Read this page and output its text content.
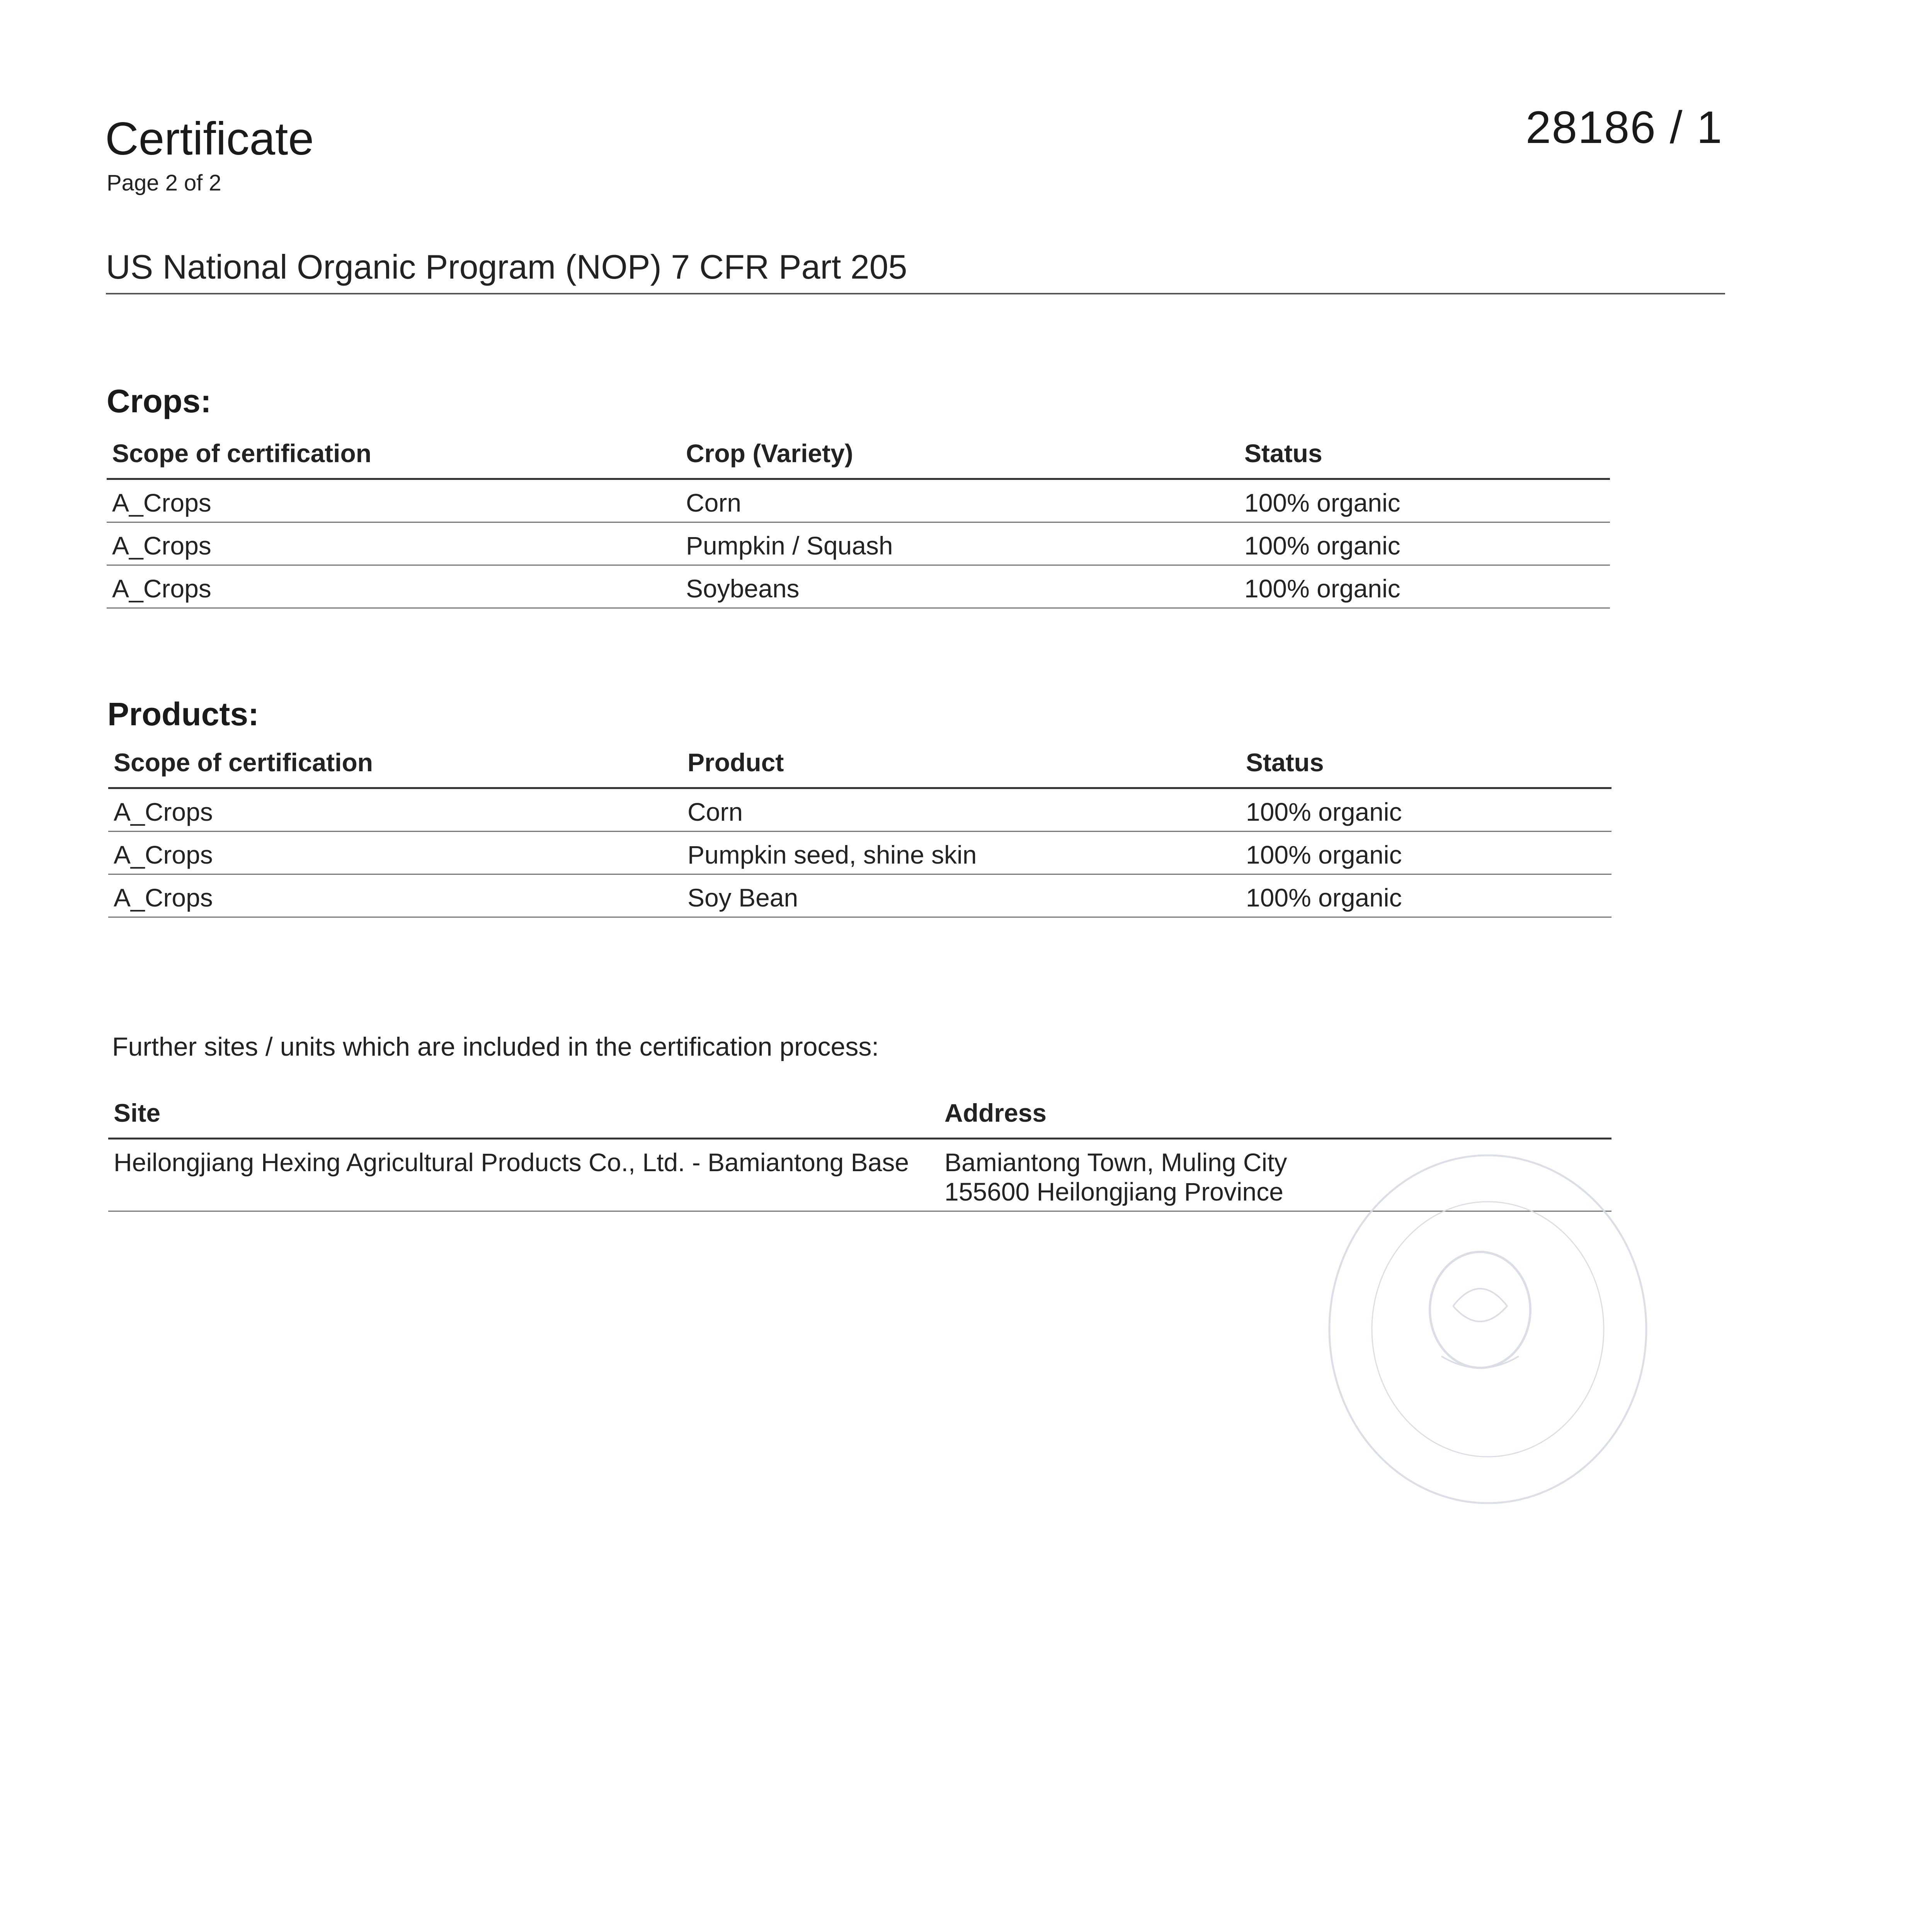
Certificate
Page 2 of 2
28186 / 1
US National Organic Program (NOP) 7 CFR Part 205
Crops:
Scope of certification	Crop (Variety)	Status
A_Crops	Corn	100% organic
A_Crops	Pumpkin / Squash	100% organic
A_Crops	Soybeans	100% organic
Products:
Scope of certification	Product	Status
A_Crops	Corn	100% organic
A_Crops	Pumpkin seed, shine skin	100% organic
A_Crops	Soy Bean	100% organic
Further sites / units which are included in the certification process:
Site	Address
Heilongjiang Hexing Agricultural Products Co., Ltd. - Bamiantong Base	Bamiantong Town, Muling City
155600 Heilongjiang Province
